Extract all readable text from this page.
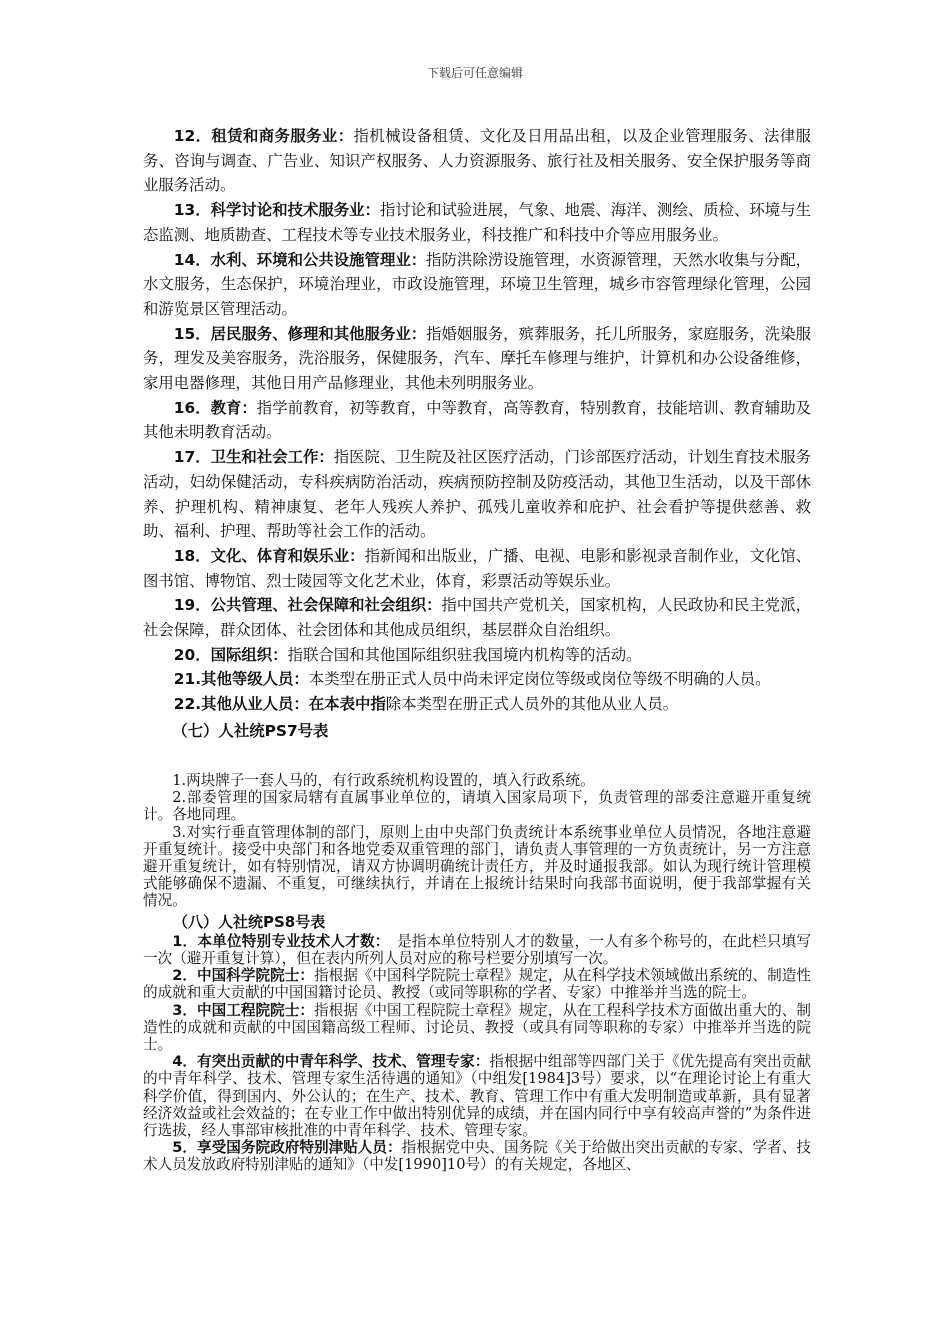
下载后可任意编辑

12．租赁和商务服务业：指机械设备租赁、文化及日用品出租，以及企业管理服务、法律服务、咨询与调查、广告业、知识产权服务、人力资源服务、旅行社及相关服务、安全保护服务等商业服务活动。

13．科学讨论和技术服务业：指讨论和试验进展，气象、地震、海洋、测绘、质检、环境与生态监测、地质勘查、工程技术等专业技术服务业，科技推广和科技中介等应用服务业。

14．水利、环境和公共设施管理业：指防洪除涝设施管理，水资源管理，天然水收集与分配，水文服务，生态保护，环境治理业，市政设施管理，环境卫生管理，城乡市容管理绿化管理，公园和游览景区管理活动。

15．居民服务、修理和其他服务业：指婚姻服务，殡葬服务，托儿所服务，家庭服务，洗染服务，理发及美容服务，洗浴服务，保健服务，汽车、摩托车修理与维护，计算机和办公设备维修，家用电器修理，其他日用产品修理业，其他未列明服务业。

16．教育：指学前教育，初等教育，中等教育，高等教育，特别教育，技能培训、教育辅助及其他未明教育活动。

17．卫生和社会工作：指医院、卫生院及社区医疗活动，门诊部医疗活动，计划生育技术服务活动，妇幼保健活动，专科疾病防治活动，疾病预防控制及防疫活动，其他卫生活动，以及干部休养、护理机构、精神康复、老年人残疾人养护、孤残儿童收养和庇护、社会看护等提供慈善、救助、福利、护理、帮助等社会工作的活动。

18．文化、体育和娱乐业：指新闻和出版业，广播、电视、电影和影视录音制作业，文化馆、图书馆、博物馆、烈士陵园等文化艺术业，体育，彩票活动等娱乐业。

19．公共管理、社会保障和社会组织：指中国共产党机关，国家机构，人民政协和民主党派，社会保障，群众团体、社会团体和其他成员组织，基层群众自治组织。

20．国际组织：指联合国和其他国际组织驻我国境内机构等的活动。

21.其他等级人员：本类型在册正式人员中尚未评定岗位等级或岗位等级不明确的人员。

22.其他从业人员：在本表中指除本类型在册正式人员外的其他从业人员。

（七）人社统PS7号表

1.两块牌子一套人马的，有行政系统机构设置的，填入行政系统。

2.部委管理的国家局辖有直属事业单位的，请填入国家局项下，负责管理的部委注意避开重复统计。各地同理。

3.对实行垂直管理体制的部门，原则上由中央部门负责统计本系统事业单位人员情况，各地注意避开重复统计。接受中央部门和各地党委双重管理的部门，请负责人事管理的一方负责统计，另一方注意避开重复统计，如有特别情况，请双方协调明确统计责任方，并及时通报我部。如认为现行统计管理模式能够确保不遗漏、不重复，可继续执行，并请在上报统计结果时向我部书面说明，便于我部掌握有关情况。

（八）人社统PS8号表

1．本单位特别专业技术人才数：　是指本单位特别人才的数量，一人有多个称号的，在此栏只填写一次（避开重复计算），但在表内所列人员对应的称号栏要分别填写一次。

2．中国科学院院士：指根据《中国科学院院士章程》规定，从在科学技术领域做出系统的、制造性的成就和重大贡献的中国国籍讨论员、教授（或同等职称的学者、专家）中推举并当选的院士。

3．中国工程院院士：指根据《中国工程院院士章程》规定，从在工程科学技术方面做出重大的、制造性的成就和贡献的中国国籍高级工程师、讨论员、教授（或具有同等职称的专家）中推举并当选的院士。

4．有突出贡献的中青年科学、技术、管理专家：指根据中组部等四部门关于《优先提高有突出贡献的中青年科学、技术、管理专家生活待遇的通知》（中组发[1984]3号）要求，以“在理论讨论上有重大科学价值，得到国内、外公认的；在生产、技术、教育、管理工作中有重大发明制造或革新，具有显著经济效益或社会效益的；在专业工作中做出特别优异的成绩，并在国内同行中享有较高声誉的”为条件进行选拔，经人事部审核批准的中青年科学、技术、管理专家。

5．享受国务院政府特别津贴人员：指根据党中央、国务院《关于给做出突出贡献的专家、学者、技术人员发放政府特别津贴的通知》（中发[1990]10号）的有关规定，各地区、
